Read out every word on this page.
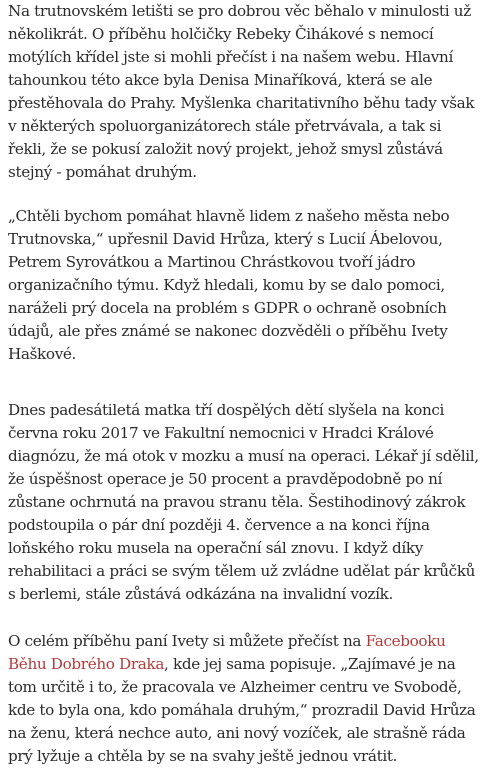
Na trutnovském letišti se pro dobrou věc běhalo v minulosti už několikrát. O příběhu holčičky Rebeky Čihákové s nemocí motýlích křídel jste si mohli přečíst i na našem webu. Hlavní tahounkou této akce byla Denisa Minaříková, která se ale přestěhovala do Prahy. Myšlenka charitativního běhu tady však v některých spoluorganizátorech stále přetrvávala, a tak si řekli, že se pokusí založit nový projekt, jehož smysl zůstává stejný - pomáhat druhým.

„Chtěli bychom pomáhat hlavně lidem z našeho města nebo Trutnovska,“ upřesnil David Hrůza, který s Lucií Ábelovou, Petrem Syrovátkou a Martinou Chrástkovou tvoří jádro organizačního týmu. Když hledali, komu by se dalo pomoci, naráželi prý docela na problém s GDPR o ochraně osobních údajů, ale přes známé se nakonec dozvěděli o příběhu Ivety Haškové.

Dnes padesátiletá matka tří dospělých dětí slyšela na konci června roku 2017 ve Fakultní nemocnici v Hradci Králové diagnózu, že má otok v mozku a musí na operaci. Lékař jí sdělil, že úspěšnost operace je 50 procent a pravděpodobně po ní zůstane ochrnutá na pravou stranu těla. Šestihodinový zákrok podstoupila o pár dní později 4. července a na konci října loňského roku musela na operační sál znovu. I když díky rehabilitaci a práci se svým tělem už zvládne udělat pár krůčků s berlemi, stále zůstává odkázána na invalidní vozík.

O celém příběhu paní Ivety si můžete přečíst na Facebooku Běhu Dobrého Draka, kde jej sama popisuje. „Zajímavé je na tom určitě i to, že pracovala ve Alzheimer centru ve Svobodě, kde to byla ona, kdo pomáhala druhým,“ prozradil David Hrůza na ženu, která nechce auto, ani nový vozíček, ale strašně ráda prý lyžuje a chtěla by se na svahy ještě jednou vrátit.
